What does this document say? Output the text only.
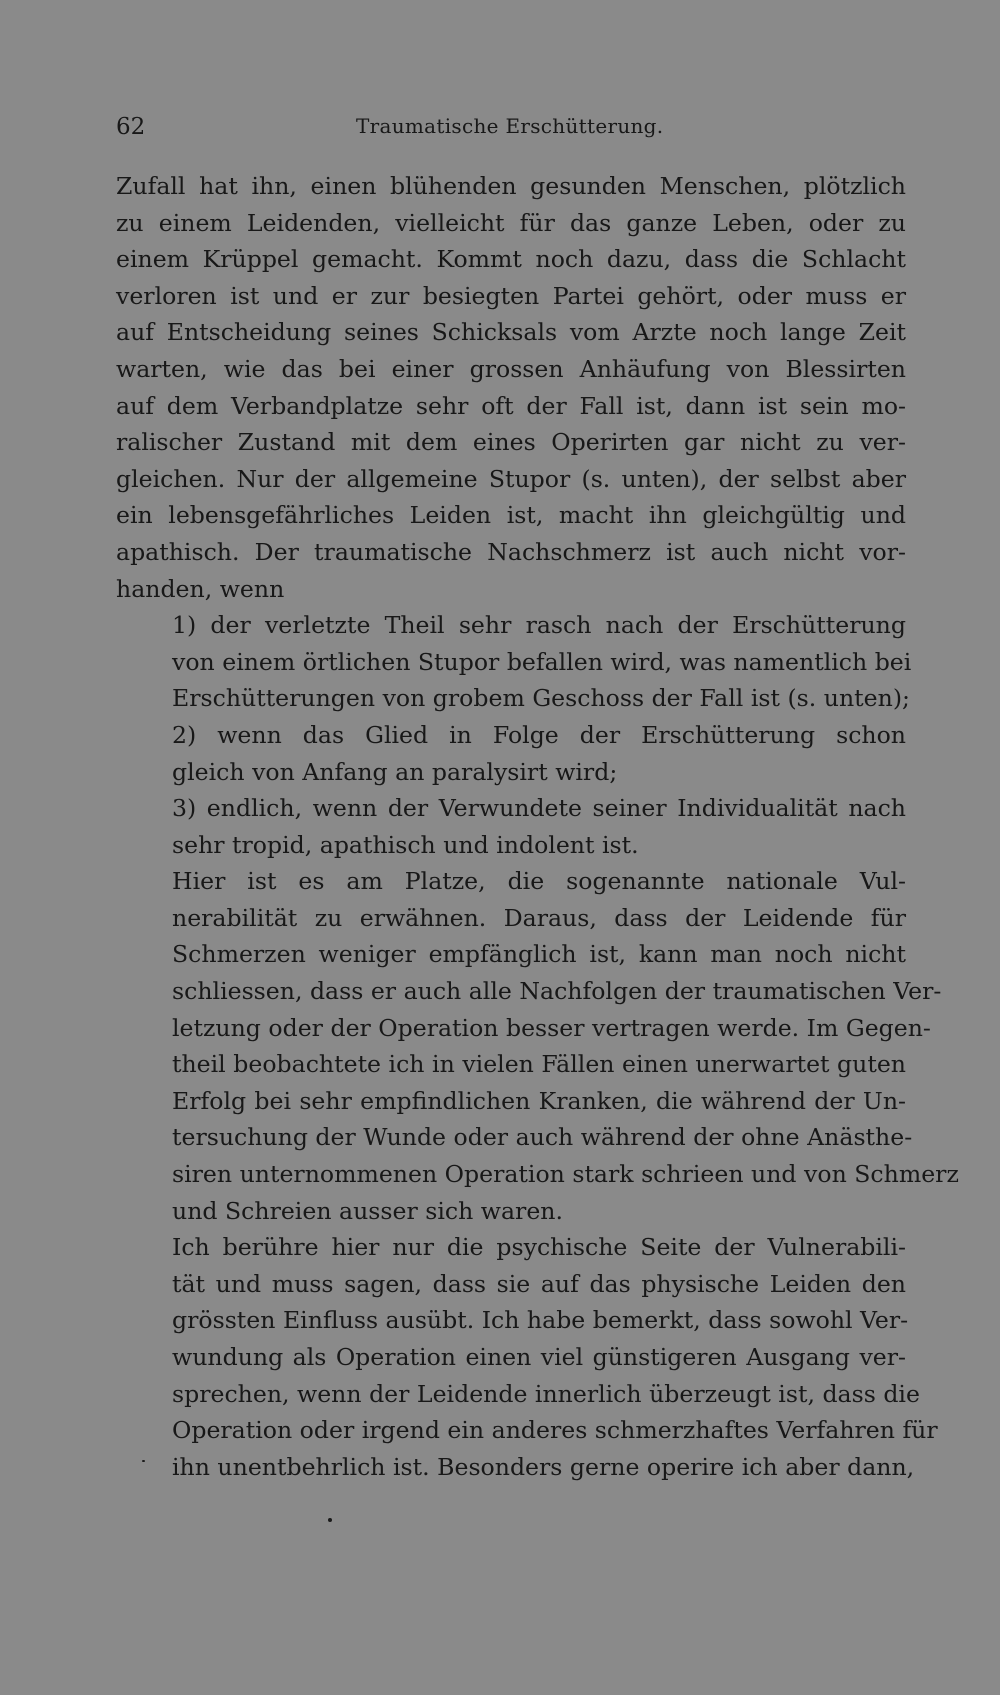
62	Traumatische Erschütterung.

Zufall hat ihn, einen blühenden gesunden Menschen, plötzlich
zu einem Leidenden, vielleicht für das ganze Leben, oder zu
einem Krüppel gemacht. Kommt noch dazu, dass die Schlacht
verloren ist und er zur besiegten Partei gehört, oder muss er
auf Entscheidung seines Schicksals vom Arzte noch lange Zeit
warten, wie das bei einer grossen Anhäufung von Blessirten
auf dem Verbandplatze sehr oft der Fall ist, dann ist sein mo-
ralischer Zustand mit dem eines Operirten gar nicht zu ver-
gleichen. Nur der allgemeine Stupor (s. unten), der selbst aber
ein lebensgefährliches Leiden ist, macht ihn gleichgültig und
apathisch. Der traumatische Nachschmerz ist auch nicht vor-
handen, wenn

1) der verletzte Theil sehr rasch nach der Erschütterung
von einem örtlichen Stupor befallen wird, was namentlich bei
Erschütterungen von grobem Geschoss der Fall ist (s. unten);

2) wenn das Glied in Folge der Erschütterung schon
gleich von Anfang an paralysirt wird;

3) endlich, wenn der Verwundete seiner Individualität nach
sehr tropid, apathisch und indolent ist.

Hier ist es am Platze, die sogenannte nationale Vul-
nerabilität zu erwähnen. Daraus, dass der Leidende für
Schmerzen weniger empfänglich ist, kann man noch nicht
schliessen, dass er auch alle Nachfolgen der traumatischen Ver-
letzung oder der Operation besser vertragen werde. Im Gegen-
theil beobachtete ich in vielen Fällen einen unerwartet guten
Erfolg bei sehr empfindlichen Kranken, die während der Un-
tersuchung der Wunde oder auch während der ohne Anästhe-
siren unternommenen Operation stark schrieen und von Schmerz
und Schreien ausser sich waren.

Ich berühre hier nur die psychische Seite der Vulnerabili-
tät und muss sagen, dass sie auf das physische Leiden den
grössten Einfluss ausübt. Ich habe bemerkt, dass sowohl Ver-
wundung als Operation einen viel günstigeren Ausgang ver-
sprechen, wenn der Leidende innerlich überzeugt ist, dass die
Operation oder irgend ein anderes schmerzhaftes Verfahren für
ihn unentbehrlich ist. Besonders gerne operire ich aber dann,
